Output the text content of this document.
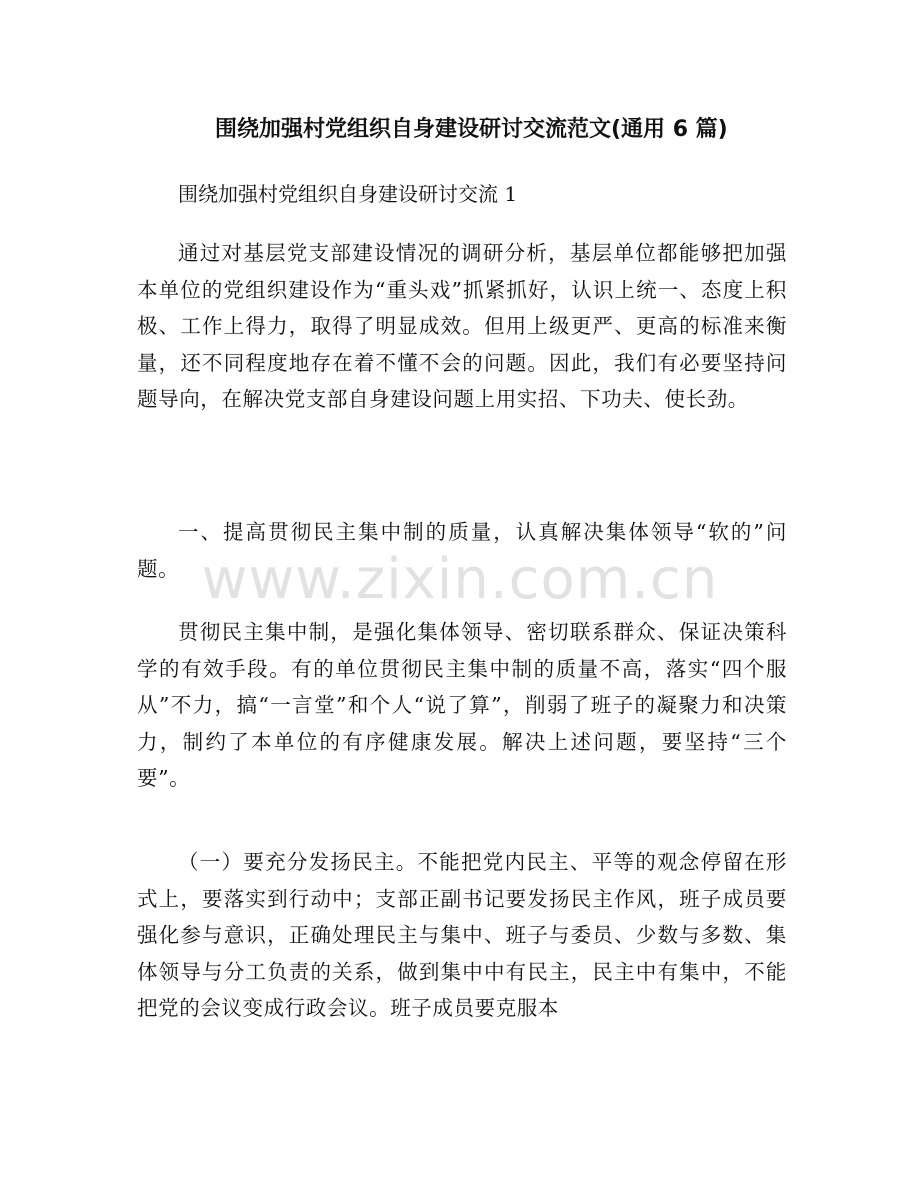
围绕加强村党组织自身建设研讨交流范文(通用 6 篇)

围绕加强村党组织自身建设研讨交流 1

通过对基层党支部建设情况的调研分析，基层单位都能够把加强本单位的党组织建设作为“重头戏”抓紧抓好，认识上统一、态度上积极、工作上得力，取得了明显成效。但用上级更严、更高的标准来衡量，还不同程度地存在着不懂不会的问题。因此，我们有必要坚持问题导向，在解决党支部自身建设问题上用实招、下功夫、使长劲。

一、提高贯彻民主集中制的质量，认真解决集体领导“软的”问题。

贯彻民主集中制，是强化集体领导、密切联系群众、保证决策科学的有效手段。有的单位贯彻民主集中制的质量不高，落实“四个服从”不力，搞“一言堂”和个人“说了算”，削弱了班子的凝聚力和决策力，制约了本单位的有序健康发展。解决上述问题，要坚持“三个要”。

（一）要充分发扬民主。不能把党内民主、平等的观念停留在形式上，要落实到行动中；支部正副书记要发扬民主作风，班子成员要强化参与意识，正确处理民主与集中、班子与委员、少数与多数、集体领导与分工负责的关系，做到集中中有民主，民主中有集中，不能把党的会议变成行政会议。班子成员要克服本

www.zixin.com.cn
